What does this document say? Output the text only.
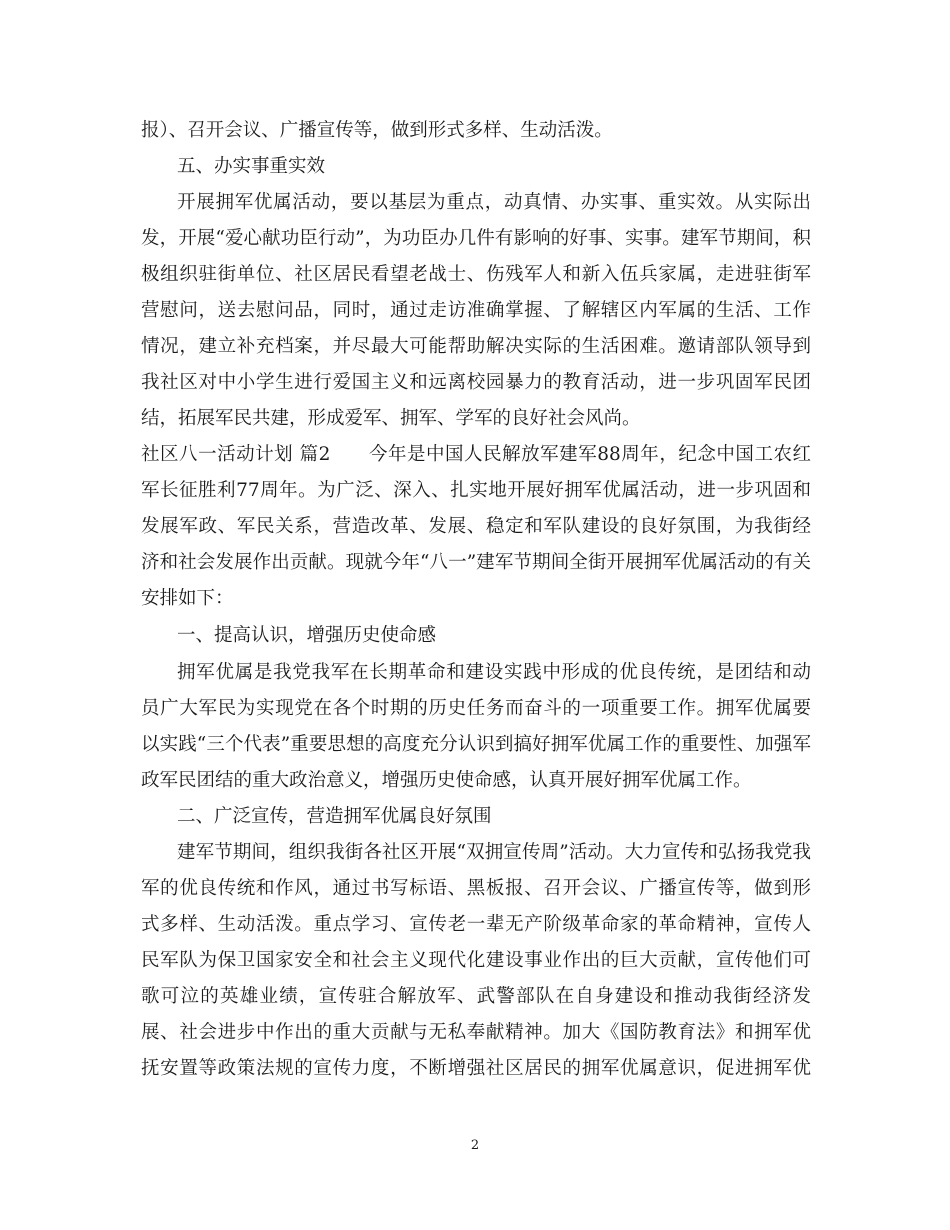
报）、召开会议、广播宣传等，做到形式多样、生动活泼。
五、办实事重实效
开展拥军优属活动，要以基层为重点，动真情、办实事、重实效。从实际出
发，开展“爱心献功臣行动”，为功臣办几件有影响的好事、实事。建军节期间，积
极组织驻街单位、社区居民看望老战士、伤残军人和新入伍兵家属，走进驻街军
营慰问，送去慰问品，同时，通过走访准确掌握、了解辖区内军属的生活、工作
情况，建立补充档案，并尽最大可能帮助解决实际的生活困难。邀请部队领导到
我社区对中小学生进行爱国主义和远离校园暴力的教育活动，进一步巩固军民团
结，拓展军民共建，形成爱军、拥军、学军的良好社会风尚。
社区八一活动计划 篇2　　今年是中国人民解放军建军88周年，纪念中国工农红
军长征胜利77周年。为广泛、深入、扎实地开展好拥军优属活动，进一步巩固和
发展军政、军民关系，营造改革、发展、稳定和军队建设的良好氛围，为我街经
济和社会发展作出贡献。现就今年“八一”建军节期间全街开展拥军优属活动的有关
安排如下：
一、提高认识，增强历史使命感
拥军优属是我党我军在长期革命和建设实践中形成的优良传统，是团结和动
员广大军民为实现党在各个时期的历史任务而奋斗的一项重要工作。拥军优属要
以实践“三个代表”重要思想的高度充分认识到搞好拥军优属工作的重要性、加强军
政军民团结的重大政治意义，增强历史使命感，认真开展好拥军优属工作。
二、广泛宣传，营造拥军优属良好氛围
建军节期间，组织我街各社区开展“双拥宣传周”活动。大力宣传和弘扬我党我
军的优良传统和作风，通过书写标语、黑板报、召开会议、广播宣传等，做到形
式多样、生动活泼。重点学习、宣传老一辈无产阶级革命家的革命精神，宣传人
民军队为保卫国家安全和社会主义现代化建设事业作出的巨大贡献，宣传他们可
歌可泣的英雄业绩，宣传驻合解放军、武警部队在自身建设和推动我街经济发
展、社会进步中作出的重大贡献与无私奉献精神。加大《国防教育法》和拥军优
抚安置等政策法规的宣传力度，不断增强社区居民的拥军优属意识，促进拥军优
2
